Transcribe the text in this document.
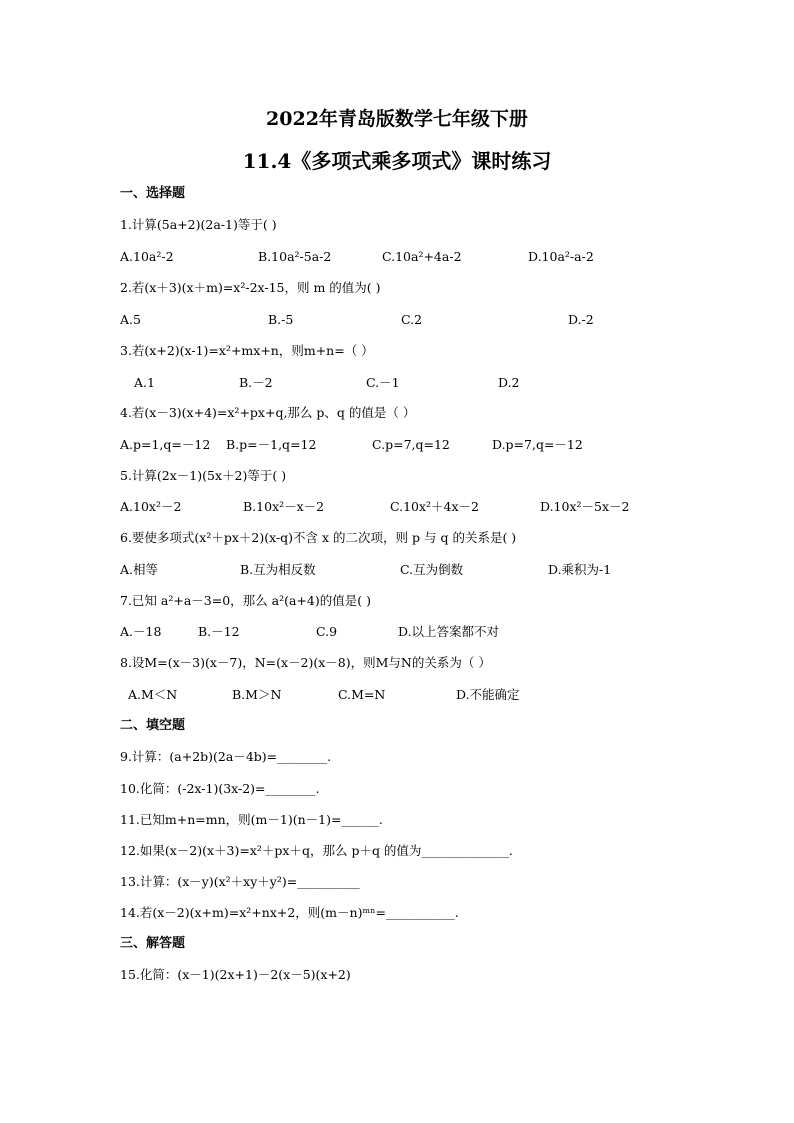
2022年青岛版数学七年级下册
11.4《多项式乘多项式》课时练习
一、选择题
1.计算(5a+2)(2a-1)等于( )
A.10a²-2	B.10a²-5a-2	C.10a²+4a-2	D.10a²-a-2
2.若(x＋3)(x＋m)=x²-2x-15，则 m 的值为( )
A.5	B.-5	C.2	D.-2
3.若(x+2)(x-1)=x²+mx+n，则m+n=（ ）
A.1	B.－2	C.－1	D.2
4.若(x－3)(x+4)=x²+px+q,那么 p、q 的值是（ ）
A.p=1,q=－12 B.p=－1,q=12	C.p=7,q=12	D.p=7,q=－12
5.计算(2x－1)(5x＋2)等于( )
A.10x²－2	B.10x²－x－2	C.10x²＋4x－2	D.10x²－5x－2
6.要使多项式(x²＋px＋2)(x-q)不含 x 的二次项，则 p 与 q 的关系是( )
A.相等	B.互为相反数	C.互为倒数	D.乘积为-1
7.已知 a²+a－3=0，那么 a²(a+4)的值是( )
A.－18	B.－12	C.9	D.以上答案都不对
8.设M=(x－3)(x－7)，N=(x－2)(x－8)，则M与N的关系为（ ）
A.M＜N	B.M＞N	C.M=N	D.不能确定
二、填空题
9.计算：(a+2b)(2a－4b)=________.
10.化简：(-2x-1)(3x-2)=________.
11.已知m+n=mn，则(m－1)(n－1)=______.
12.如果(x－2)(x＋3)=x²＋px＋q，那么 p＋q 的值为______________.
13.计算：(x－y)(x²＋xy＋y²)=__________
14.若(x－2)(x+m)=x²+nx+2，则(m－n)ᵐⁿ=___________.
三、解答题
15.化简：(x－1)(2x+1)－2(x－5)(x+2)
